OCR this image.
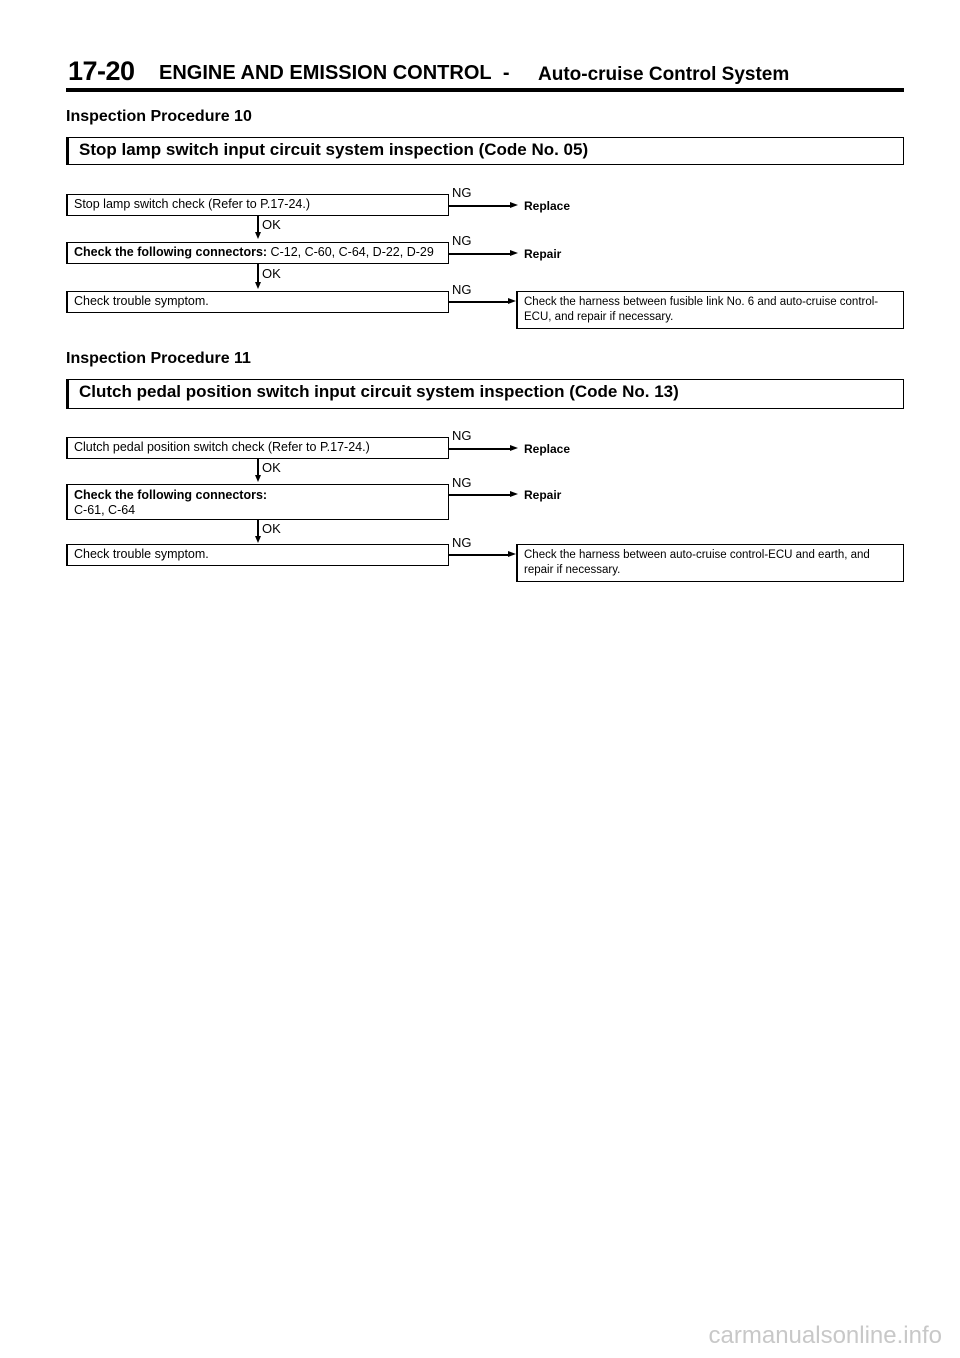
17-20 ENGINE AND EMISSION CONTROL - Auto-cruise Control System
Inspection Procedure 10
Stop lamp switch input circuit system inspection (Code No. 05)
Stop lamp switch check (Refer to P.17-24.)
NG
Replace
OK
Check the following connectors: C-12, C-60, C-64, D-22, D-29
NG
Repair
OK
Check trouble symptom.
NG
Check the harness between fusible link No. 6 and auto-cruise control-ECU, and repair if necessary.
Inspection Procedure 11
Clutch pedal position switch input circuit system inspection (Code No. 13)
Clutch pedal position switch check (Refer to P.17-24.)
NG
Replace
OK
Check the following connectors:
C-61, C-64
NG
Repair
OK
Check trouble symptom.
NG
Check the harness between auto-cruise control-ECU and earth, and repair if necessary.
carmanualsonline.info
